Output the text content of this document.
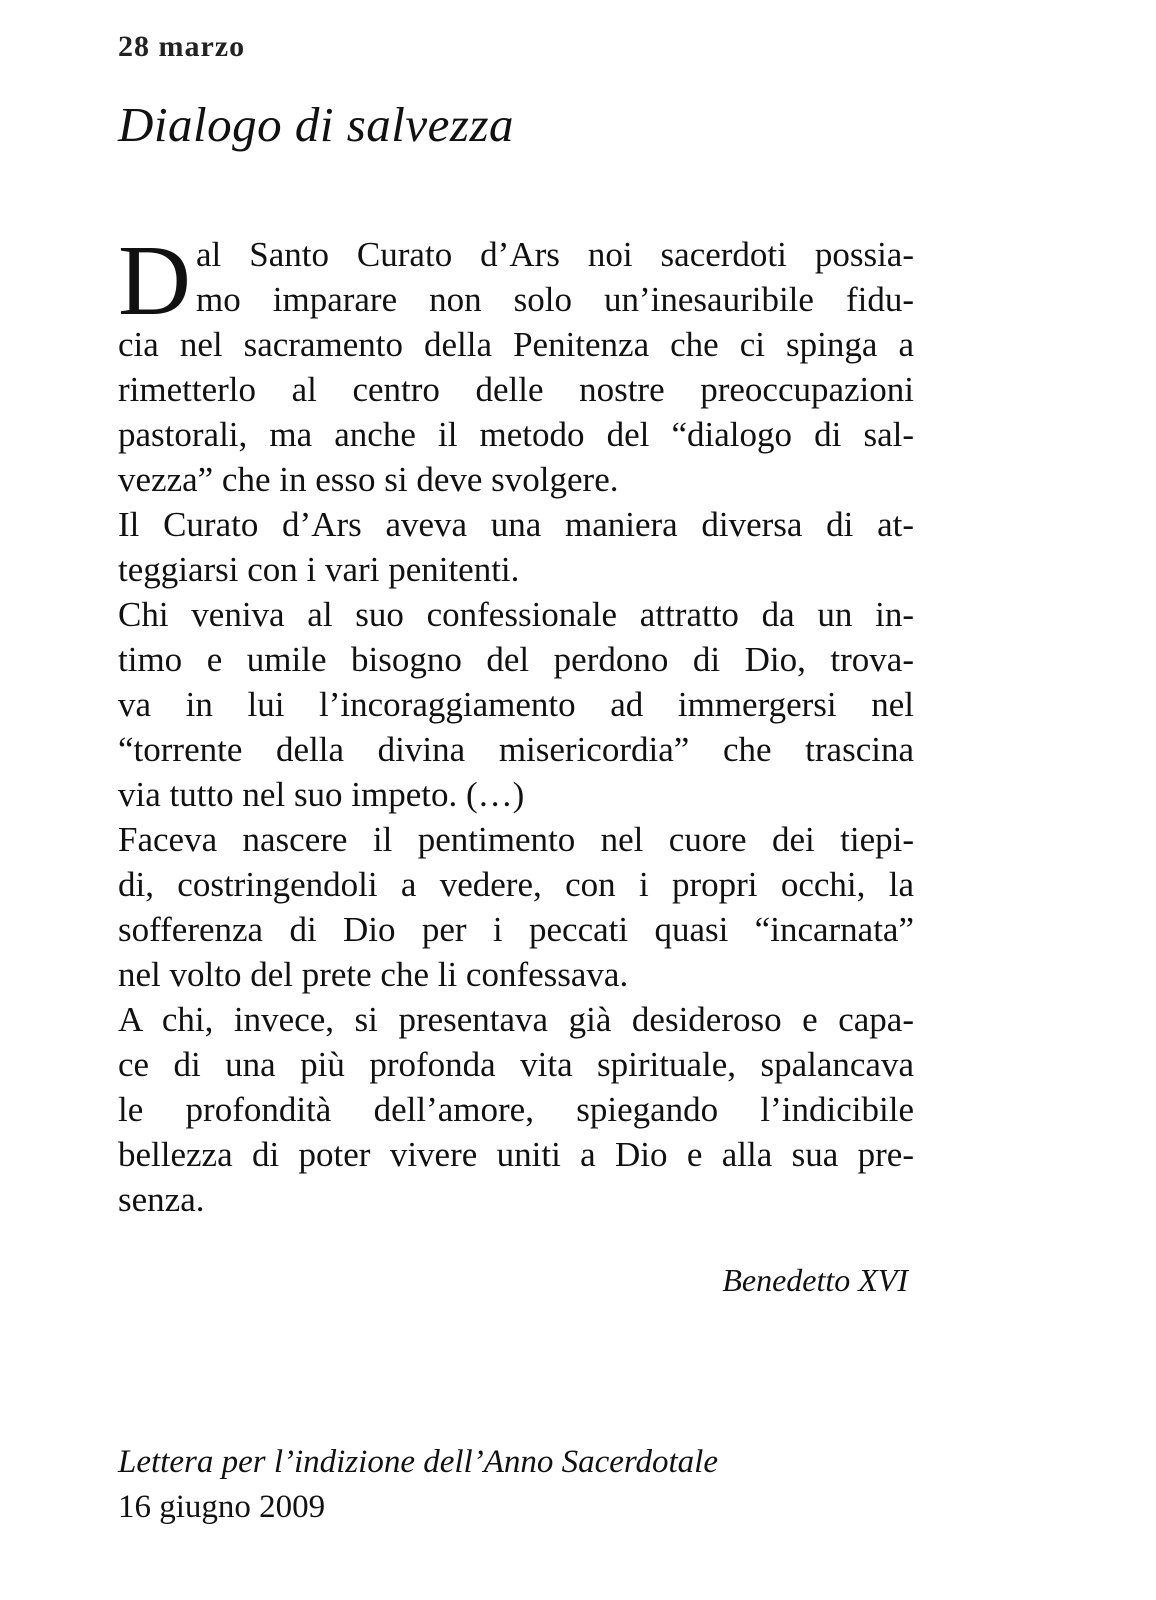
28 marzo
Dialogo di salvezza
D al Santo Curato d’Ars noi sacerdoti possia-
mo imparare non solo un’inesauribile fidu-
cia nel sacramento della Penitenza che ci spinga a
rimetterlo al centro delle nostre preoccupazioni
pastorali, ma anche il metodo del “dialogo di sal-
vezza” che in esso si deve svolgere.
Il Curato d’Ars aveva una maniera diversa di at-
teggiarsi con i vari penitenti.
Chi veniva al suo confessionale attratto da un in-
timo e umile bisogno del perdono di Dio, trova-
va in lui l’incoraggiamento ad immergersi nel
“torrente della divina misericordia” che trascina
via tutto nel suo impeto. (…)
Faceva nascere il pentimento nel cuore dei tiepi-
di, costringendoli a vedere, con i propri occhi, la
sofferenza di Dio per i peccati quasi “incarnata”
nel volto del prete che li confessava.
A chi, invece, si presentava già desideroso e capa-
ce di una più profonda vita spirituale, spalancava
le profondità dell’amore, spiegando l’indicibile
bellezza di poter vivere uniti a Dio e alla sua pre-
senza.
Benedetto XVI
Lettera per l’indizione dell’Anno Sacerdotale
16 giugno 2009
